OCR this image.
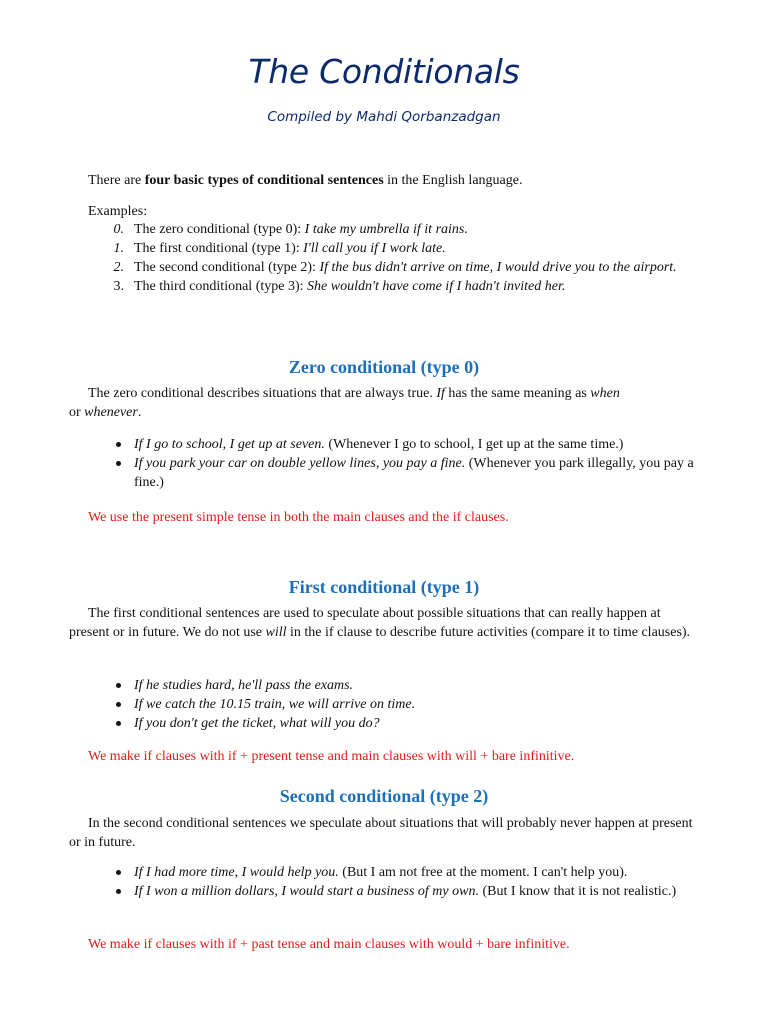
The Conditionals
Compiled by Mahdi Qorbanzadgan
There are four basic types of conditional sentences in the English language.
Examples:
0. The zero conditional (type 0): I take my umbrella if it rains.
1. The first conditional (type 1): I'll call you if I work late.
2. The second conditional (type 2): If the bus didn't arrive on time, I would drive you to the airport.
3. The third conditional (type 3): She wouldn't have come if I hadn't invited her.
Zero conditional (type 0)
The zero conditional describes situations that are always true. If has the same meaning as when
or whenever.
If I go to school, I get up at seven. (Whenever I go to school, I get up at the same time.)
If you park your car on double yellow lines, you pay a fine. (Whenever you park illegally, you pay a fine.)
We use the present simple tense in both the main clauses and the if clauses.
First conditional (type 1)
The first conditional sentences are used to speculate about possible situations that can really happen at present or in future. We do not use will in the if clause to describe future activities (compare it to time clauses).
If he studies hard, he'll pass the exams.
If we catch the 10.15 train, we will arrive on time.
If you don't get the ticket, what will you do?
We make if clauses with if + present tense and main clauses with will + bare infinitive.
Second conditional (type 2)
In the second conditional sentences we speculate about situations that will probably never happen at present or in future.
If I had more time, I would help you. (But I am not free at the moment. I can't help you).
If I won a million dollars, I would start a business of my own. (But I know that it is not realistic.)
We make if clauses with if + past tense and main clauses with would + bare infinitive.
